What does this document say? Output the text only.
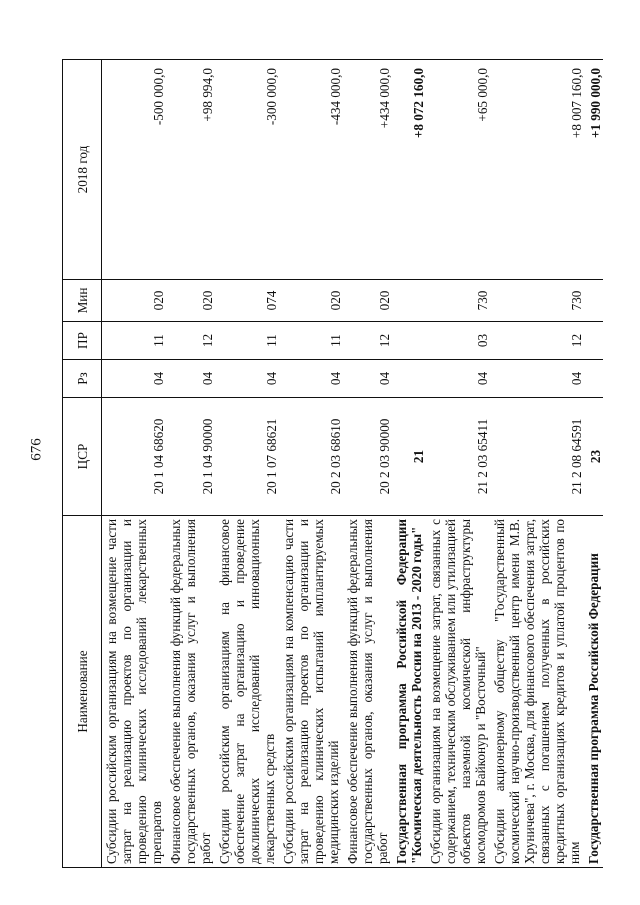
676
Наименование	ЦСР	Рз	ПР	Мин	2018 год
Субсидии российским организациям на возмещение части затрат на реализацию проектов по организации и проведению клинических исследований лекарственных препаратов	20 1 04 68620	04	11	020	-500 000,0
Финансовое обеспечение выполнения функций федеральных государственных органов, оказания услуг и выполнения работ	20 1 04 90000	04	12	020	+98 994,0
Субсидии российским организациям на финансовое обеспечение затрат на организацию и проведение доклинических исследований инновационных лекарственных средств	20 1 07 68621	04	11	074	-300 000,0
Субсидии российским организациям на компенсацию части затрат на реализацию проектов по организации и проведению клинических испытаний имплантируемых медицинских изделий	20 2 03 68610	04	11	020	-434 000,0
Финансовое обеспечение выполнения функций федеральных государственных органов, оказания услуг и выполнения работ	20 2 03 90000	04	12	020	+434 000,0
Государственная программа Российской Федерации "Космическая деятельность России на 2013 - 2020 годы"	21				+8 072 160,0
Субсидии организациям на возмещение затрат, связанных с содержанием, техническим обслуживанием или утилизацией объектов наземной космической инфраструктуры космодромов Байконур и "Восточный"	21 2 03 65411	04	03	730	+65 000,0
Субсидии акционерному обществу "Государственный космический научно-производственный центр имени М.В. Хруничева", г. Москва, для финансового обеспечения затрат, связанных с погашением полученных в российских кредитных организациях кредитов и уплатой процентов по ним	21 2 08 64591	04	12	730	+8 007 160,0
Государственная программа Российской Федерации	23				+1 990 000,0
